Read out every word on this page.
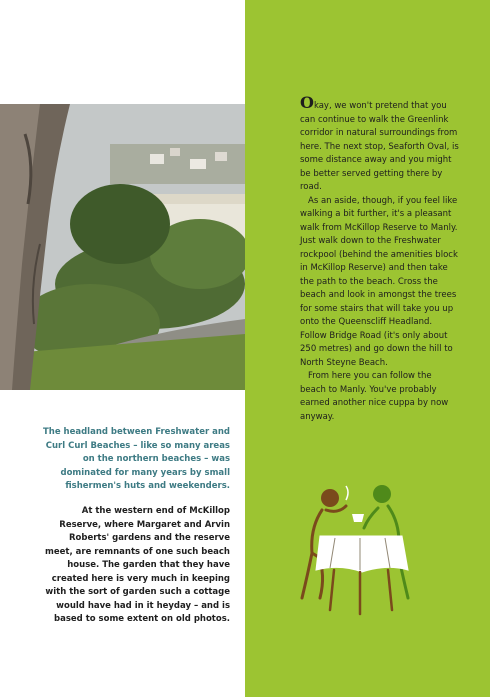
The headland between Freshwater and Curl Curl Beaches – like so many areas on the northern beaches – was dominated for many years by small fishermen's huts and weekenders.

At the western end of McKillop Reserve, where Margaret and Arvin Roberts' gardens and the reserve meet, are remnants of one such beach house. The garden that they have created here is very much in keeping with the sort of garden such a cottage would have had in it heyday – and is based to some extent on old photos.

Okay, we won't pretend that you can continue to walk the Greenlink corridor in natural surroundings from here. The next stop, Seaforth Oval, is some distance away and you might be better served getting there by road.

As an aside, though, if you feel like walking a bit further, it's a pleasant walk from McKillop Reserve to Manly. Just walk down to the Freshwater rockpool (behind the amenities block in McKillop Reserve) and then take the path to the beach. Cross the beach and look in amongst the trees for some stairs that will take you up onto the Queenscliff Headland. Follow Bridge Road (it's only about 250 metres) and go down the hill to North Steyne Beach.

From here you can follow the beach to Manly. You've probably earned another nice cuppa by now anyway.
